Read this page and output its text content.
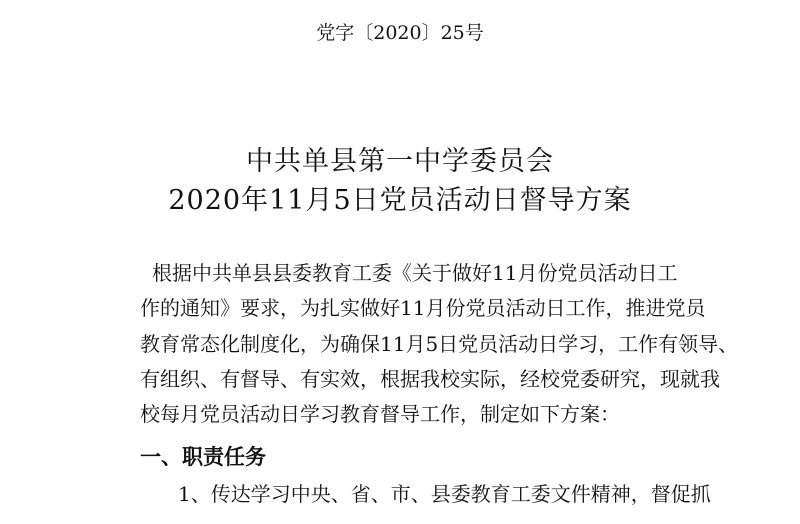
党字〔2020〕25号
中共单县第一中学委员会
2020年11月5日党员活动日督导方案
根据中共单县县委教育工委《关于做好11月份党员活动日工
作的通知》要求，为扎实做好11月份党员活动日工作，推进党员
教育常态化制度化，为确保11月5日党员活动日学习，工作有领导、
有组织、有督导、有实效，根据我校实际，经校党委研究，现就我
校每月党员活动日学习教育督导工作，制定如下方案：
一、职责任务
1、传达学习中央、省、市、县委教育工委文件精神，督促抓
